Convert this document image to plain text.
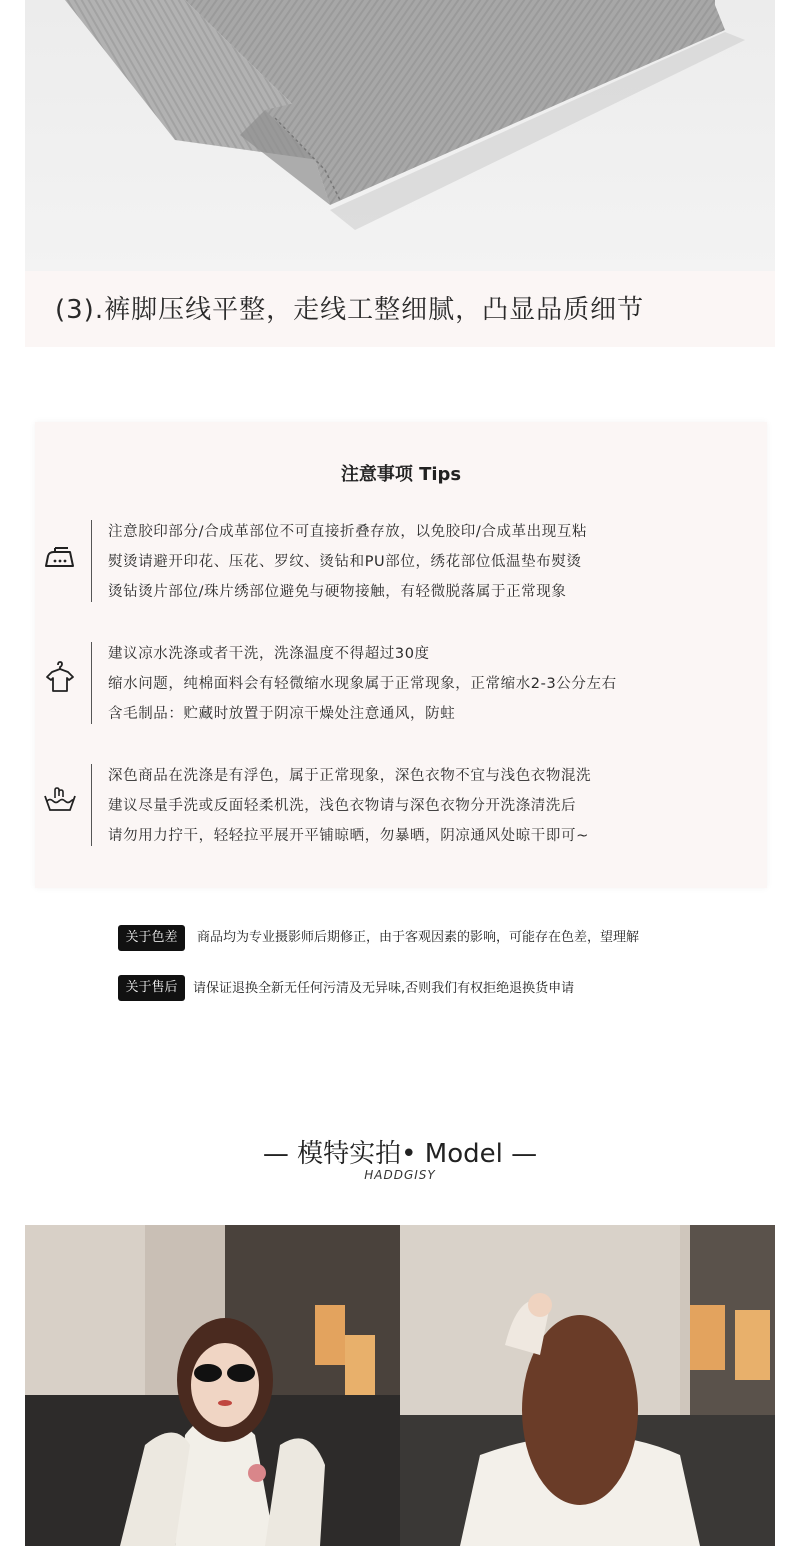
(3).裤脚压线平整，走线工整细腻，凸显品质细节
注意事项 Tips
注意胶印部分/合成革部位不可直接折叠存放，以免胶印/合成革出现互粘
熨烫请避开印花、压花、罗纹、烫钻和PU部位，绣花部位低温垫布熨烫
烫钻烫片部位/珠片绣部位避免与硬物接触，有轻微脱落属于正常现象
建议凉水洗涤或者干洗，洗涤温度不得超过30度
缩水问题，纯棉面料会有轻微缩水现象属于正常现象，正常缩水2-3公分左右
含毛制品：贮藏时放置于阴凉干燥处注意通风，防蛀
深色商品在洗涤是有浮色，属于正常现象，深色衣物不宜与浅色衣物混洗
建议尽量手洗或反面轻柔机洗，浅色衣物请与深色衣物分开洗涤清洗后
请勿用力拧干，轻轻拉平展开平铺晾晒，勿暴晒，阴凉通风处晾干即可~
关于色差	商品均为专业摄影师后期修正，由于客观因素的影响，可能存在色差，望理解
关于售后	请保证退换全新无任何污清及无异味,否则我们有权拒绝退换货申请
— 模特实拍• Model —
HADDGISY
